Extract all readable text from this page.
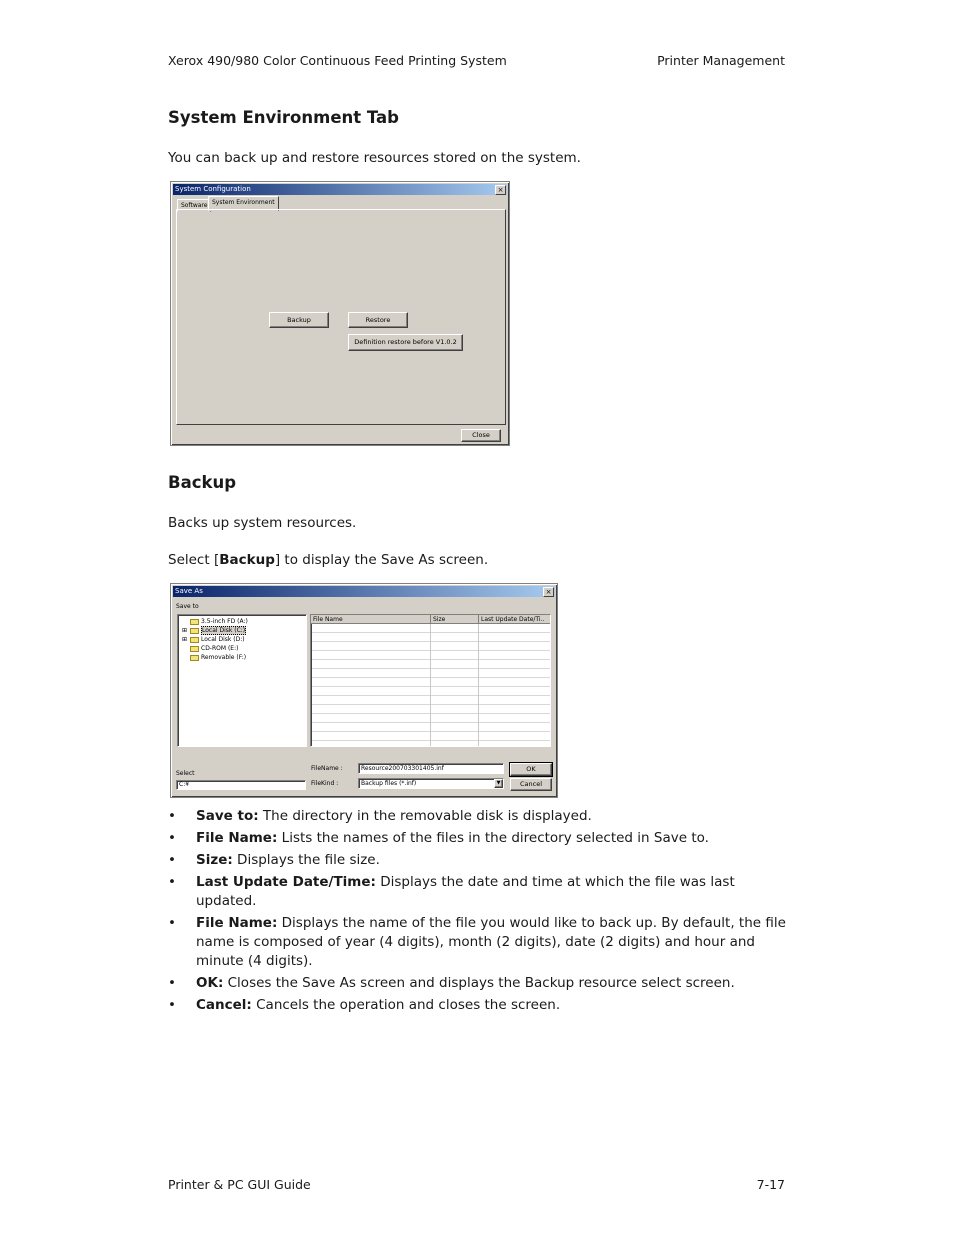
Xerox 490/980 Color Continuous Feed Printing System	Printer Management
System Environment Tab
You can back up and restore resources stored on the system.
System Configuration	×
Software System Environment
Backup	Restore
Definition restore before V1.0.2
Close
Backup
Backs up system resources.
Select [Backup] to display the Save As screen.
Save As	×
Save to
3.5-inch FD (A:)
⊞ Local Disk (C:)
⊞ Local Disk (D:)
CD-ROM (E:)
Removable (F:)
File Name	Size	Last Update Date/Ti..
Select
C:¥
FileName :	Resource200703301405.inf
FileKind :	Backup files (*.inf)	▼
OK
Cancel
• Save to: The directory in the removable disk is displayed.
• File Name: Lists the names of the files in the directory selected in Save to.
• Size: Displays the file size.
• Last Update Date/Time: Displays the date and time at which the file was last updated.
• File Name: Displays the name of the file you would like to back up. By default, the file name is composed of year (4 digits), month (2 digits), date (2 digits) and hour and minute (4 digits).
• OK: Closes the Save As screen and displays the Backup resource select screen.
• Cancel: Cancels the operation and closes the screen.
Printer & PC GUI Guide	7-17
